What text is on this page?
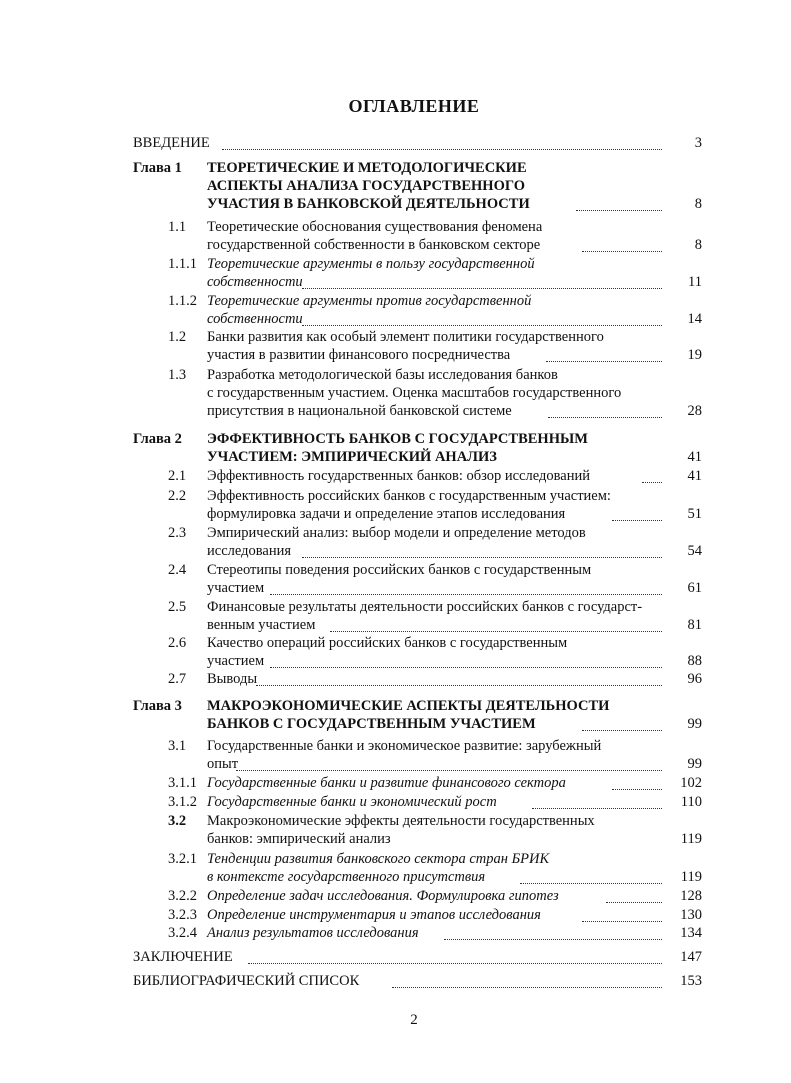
ОГЛАВЛЕНИЕ
ВВЕДЕНИЕ	3
Глава 1 ТЕОРЕТИЧЕСКИЕ И МЕТОДОЛОГИЧЕСКИЕ
АСПЕКТЫ АНАЛИЗА ГОСУДАРСТВЕННОГО
УЧАСТИЯ В БАНКОВСКОЙ ДЕЯТЕЛЬНОСТИ	8
1.1 Теоретические обоснования существования феномена
государственной собственности в банковском секторе	8
1.1.1 Теоретические аргументы в пользу государственной
собственности	11
1.1.2 Теоретические аргументы против государственной
собственности	14
1.2 Банки развития как особый элемент политики государственного
участия в развитии финансового посредничества	19
1.3 Разработка методологической базы исследования банков
с государственным участием. Оценка масштабов государственного
присутствия в национальной банковской системе	28
Глава 2 ЭФФЕКТИВНОСТЬ БАНКОВ С ГОСУДАРСТВЕННЫМ
УЧАСТИЕМ: ЭМПИРИЧЕСКИЙ АНАЛИЗ	41
2.1 Эффективность государственных банков: обзор исследований	41
2.2 Эффективность российских банков с государственным участием:
формулировка задачи и определение этапов исследования	51
2.3 Эмпирический анализ: выбор модели и определение методов
исследования	54
2.4 Стереотипы поведения российских банков с государственным
участием	61
2.5 Финансовые результаты деятельности российских банков с государст-
венным участием	81
2.6 Качество операций российских банков с государственным
участием	88
2.7 Выводы	96
Глава 3 МАКРОЭКОНОМИЧЕСКИЕ АСПЕКТЫ ДЕЯТЕЛЬНОСТИ
БАНКОВ С ГОСУДАРСТВЕННЫМ УЧАСТИЕМ	99
3.1 Государственные банки и экономическое развитие: зарубежный
опыт	99
3.1.1 Государственные банки и развитие финансового сектора	102
3.1.2 Государственные банки и экономический рост	110
3.2 Макроэкономические эффекты деятельности государственных
банков: эмпирический анализ	119
3.2.1 Тенденции развития банковского сектора стран БРИК
в контексте государственного присутствия	119
3.2.2 Определение задач исследования. Формулировка гипотез	128
3.2.3 Определение инструментария и этапов исследования	130
3.2.4 Анализ результатов исследования	134
ЗАКЛЮЧЕНИЕ	147
БИБЛИОГРАФИЧЕСКИЙ СПИСОК	153
2
